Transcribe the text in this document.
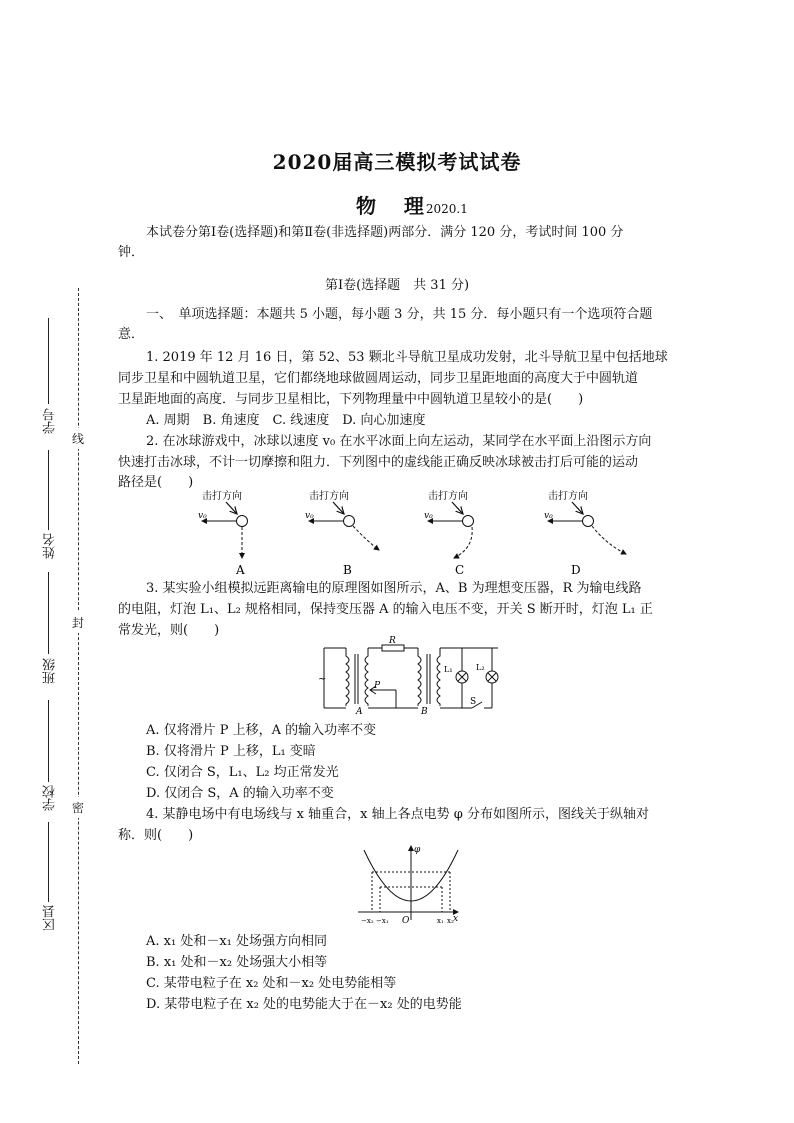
2020届高三模拟考试试卷
物    理 2020.1
本试卷分第Ⅰ卷(选择题)和第Ⅱ卷(非选择题)两部分．满分 120 分，考试时间 100 分
钟．
第Ⅰ卷(选择题　共 31 分)
一、　单项选择题：本题共 5 小题，每小题 3 分，共 15 分．每小题只有一个选项符合题
意．
1. 2019 年 12 月 16 日，第 52、53 颗北斗导航卫星成功发射，北斗导航卫星中包括地球
同步卫星和中圆轨道卫星，它们都绕地球做圆周运动，同步卫星距地面的高度大于中圆轨道
卫星距地面的高度．与同步卫星相比，下列物理量中中圆轨道卫星较小的是(　　)
A. 周期　B. 角速度　C. 线速度　D. 向心加速度
2. 在冰球游戏中，冰球以速度 v₀ 在水平冰面上向左运动，某同学在水平面上沿图示方向
快速打击冰球，不计一切摩擦和阻力．下列图中的虚线能正确反映冰球被击打后可能的运动
路径是(　　)
击打方向
v₀
A
击打方向
v₀
B
击打方向
v₀
C
击打方向
v₀
D
3. 某实验小组模拟远距离输电的原理图如图所示，A、B 为理想变压器，R 为输电线路
的电阻，灯泡 L₁、L₂ 规格相同，保持变压器 A 的输入电压不变，开关 S 断开时，灯泡 L₁ 正
常发光，则(　　)
~
R
P
A	B
L₁	L₂
S
A. 仅将滑片 P 上移，A 的输入功率不变
B. 仅将滑片 P 上移，L₁ 变暗
C. 仅闭合 S，L₁、L₂ 均正常发光
D. 仅闭合 S，A 的输入功率不变
4. 某静电场中有电场线与 x 轴重合，x 轴上各点电势 φ 分布如图所示，图线关于纵轴对
称．则(　　)
φ
x
O
−x₂ −x₁	x₁ x₂
A. x₁ 处和－x₁ 处场强方向相同
B. x₁ 处和－x₂ 处场强大小相等
C. 某带电粒子在 x₂ 处和－x₂ 处电势能相等
D. 某带电粒子在 x₂ 处的电势能大于在－x₂ 处的电势能
线
封
密
学号
姓名
班级
学校
区县
